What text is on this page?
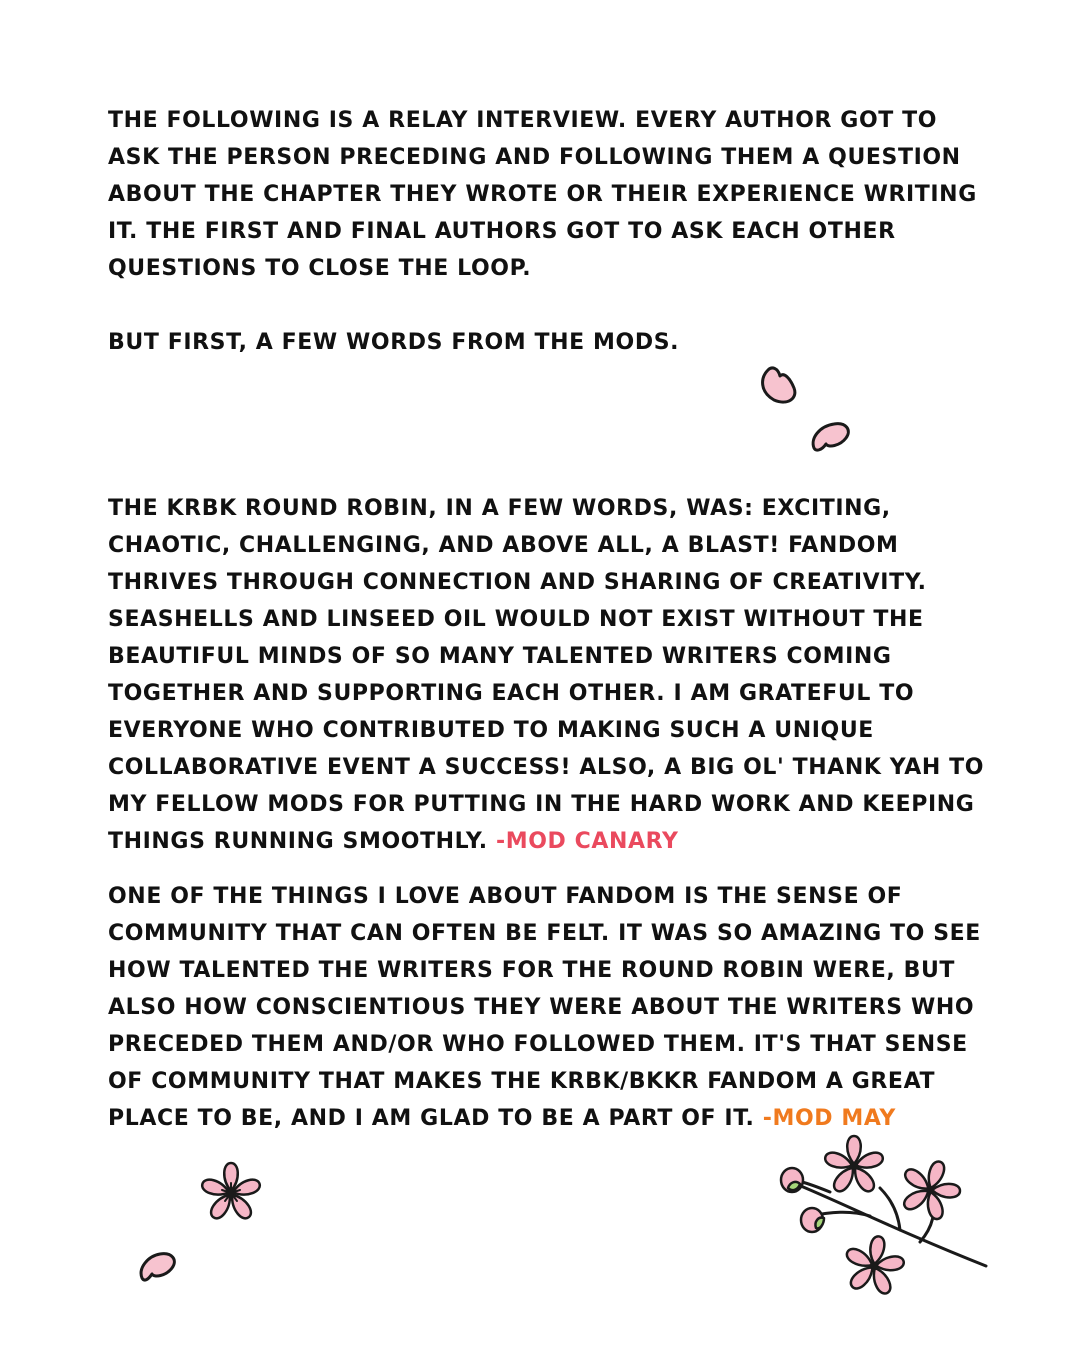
THE FOLLOWING IS A RELAY INTERVIEW. EVERY AUTHOR GOT TO ASK THE PERSON PRECEDING AND FOLLOWING THEM A QUESTION ABOUT THE CHAPTER THEY WROTE OR THEIR EXPERIENCE WRITING IT. THE FIRST AND FINAL AUTHORS GOT TO ASK EACH OTHER QUESTIONS TO CLOSE THE LOOP.

BUT FIRST, A FEW WORDS FROM THE MODS.

THE KRBK ROUND ROBIN, IN A FEW WORDS, WAS: EXCITING, CHAOTIC, CHALLENGING, AND ABOVE ALL, A BLAST! FANDOM THRIVES THROUGH CONNECTION AND SHARING OF CREATIVITY. SEASHELLS AND LINSEED OIL WOULD NOT EXIST WITHOUT THE BEAUTIFUL MINDS OF SO MANY TALENTED WRITERS COMING TOGETHER AND SUPPORTING EACH OTHER. I AM GRATEFUL TO EVERYONE WHO CONTRIBUTED TO MAKING SUCH A UNIQUE COLLABORATIVE EVENT A SUCCESS! ALSO, A BIG OL' THANK YAH TO MY FELLOW MODS FOR PUTTING IN THE HARD WORK AND KEEPING THINGS RUNNING SMOOTHLY. -MOD CANARY

ONE OF THE THINGS I LOVE ABOUT FANDOM IS THE SENSE OF COMMUNITY THAT CAN OFTEN BE FELT. IT WAS SO AMAZING TO SEE HOW TALENTED THE WRITERS FOR THE ROUND ROBIN WERE, BUT ALSO HOW CONSCIENTIOUS THEY WERE ABOUT THE WRITERS WHO PRECEDED THEM AND/OR WHO FOLLOWED THEM. IT'S THAT SENSE OF COMMUNITY THAT MAKES THE KRBK/BKKR FANDOM A GREAT PLACE TO BE, AND I AM GLAD TO BE A PART OF IT. -MOD MAY
